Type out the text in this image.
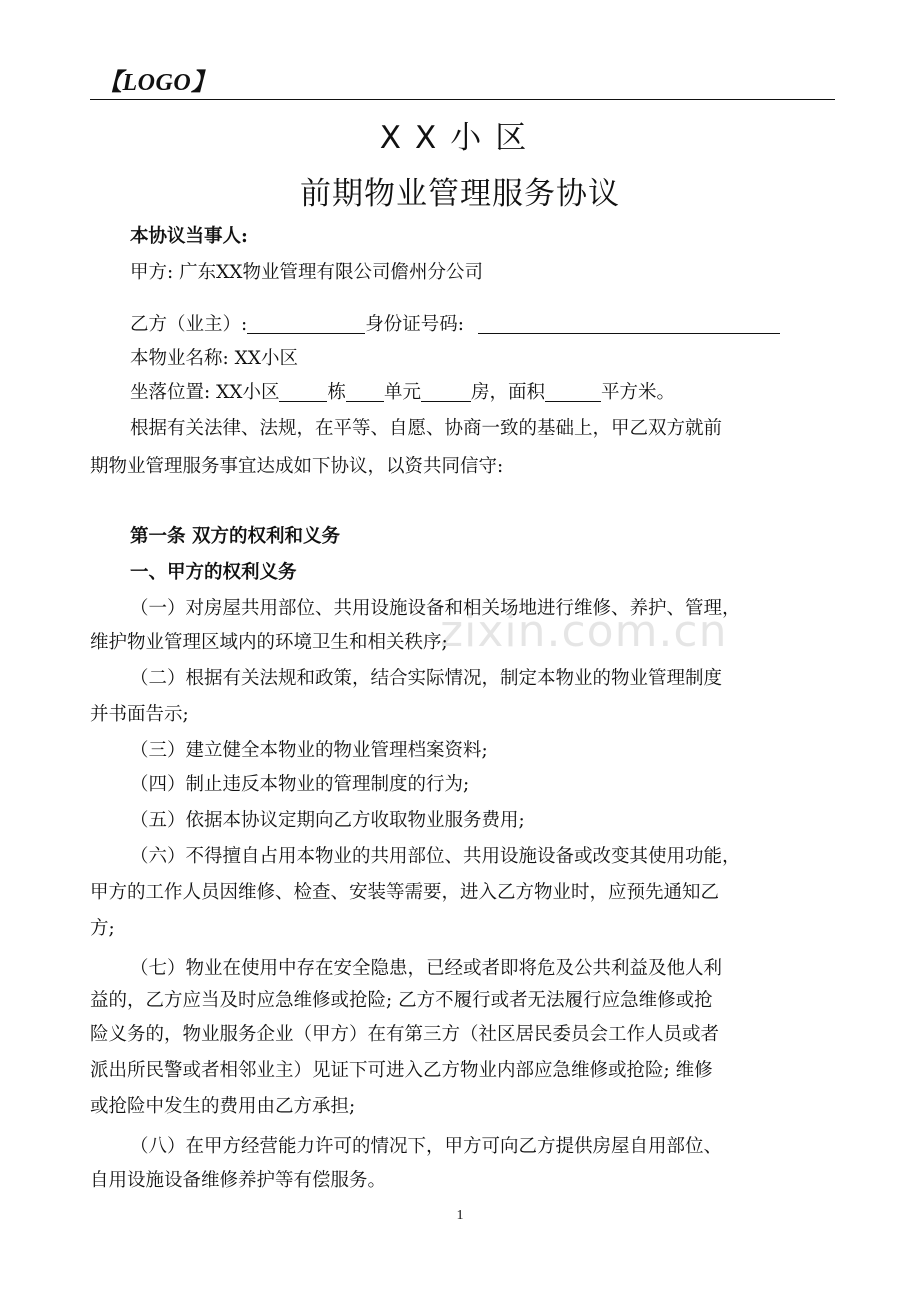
【LOGO】
XX小区
前期物业管理服务协议
本协议当事人:
甲方: 广东XX物业管理有限公司儋州分公司
乙方（业主）:	身份证号码:
本物业名称: XX小区
坐落位置: XX小区	栋 单元	房，面积	平方米。
根据有关法律、法规，在平等、自愿、协商一致的基础上，甲乙双方就前
期物业管理服务事宜达成如下协议，以资共同信守:
第一条 双方的权利和义务
一、甲方的权利义务
（一）对房屋共用部位、共用设施设备和相关场地进行维修、养护、管理，
维护物业管理区域内的环境卫生和相关秩序;
（二）根据有关法规和政策，结合实际情况，制定本物业的物业管理制度
并书面告示;
（三）建立健全本物业的物业管理档案资料;
（四）制止违反本物业的管理制度的行为;
（五）依据本协议定期向乙方收取物业服务费用;
（六）不得擅自占用本物业的共用部位、共用设施设备或改变其使用功能，
甲方的工作人员因维修、检查、安装等需要，进入乙方物业时，应预先通知乙
方;
（七）物业在使用中存在安全隐患，已经或者即将危及公共利益及他人利
益的，乙方应当及时应急维修或抢险; 乙方不履行或者无法履行应急维修或抢
险义务的，物业服务企业（甲方）在有第三方（社区居民委员会工作人员或者
派出所民警或者相邻业主）见证下可进入乙方物业内部应急维修或抢险; 维修
或抢险中发生的费用由乙方承担;
（八）在甲方经营能力许可的情况下，甲方可向乙方提供房屋自用部位、
自用设施设备维修养护等有偿服务。
zixin.com.cn
1
